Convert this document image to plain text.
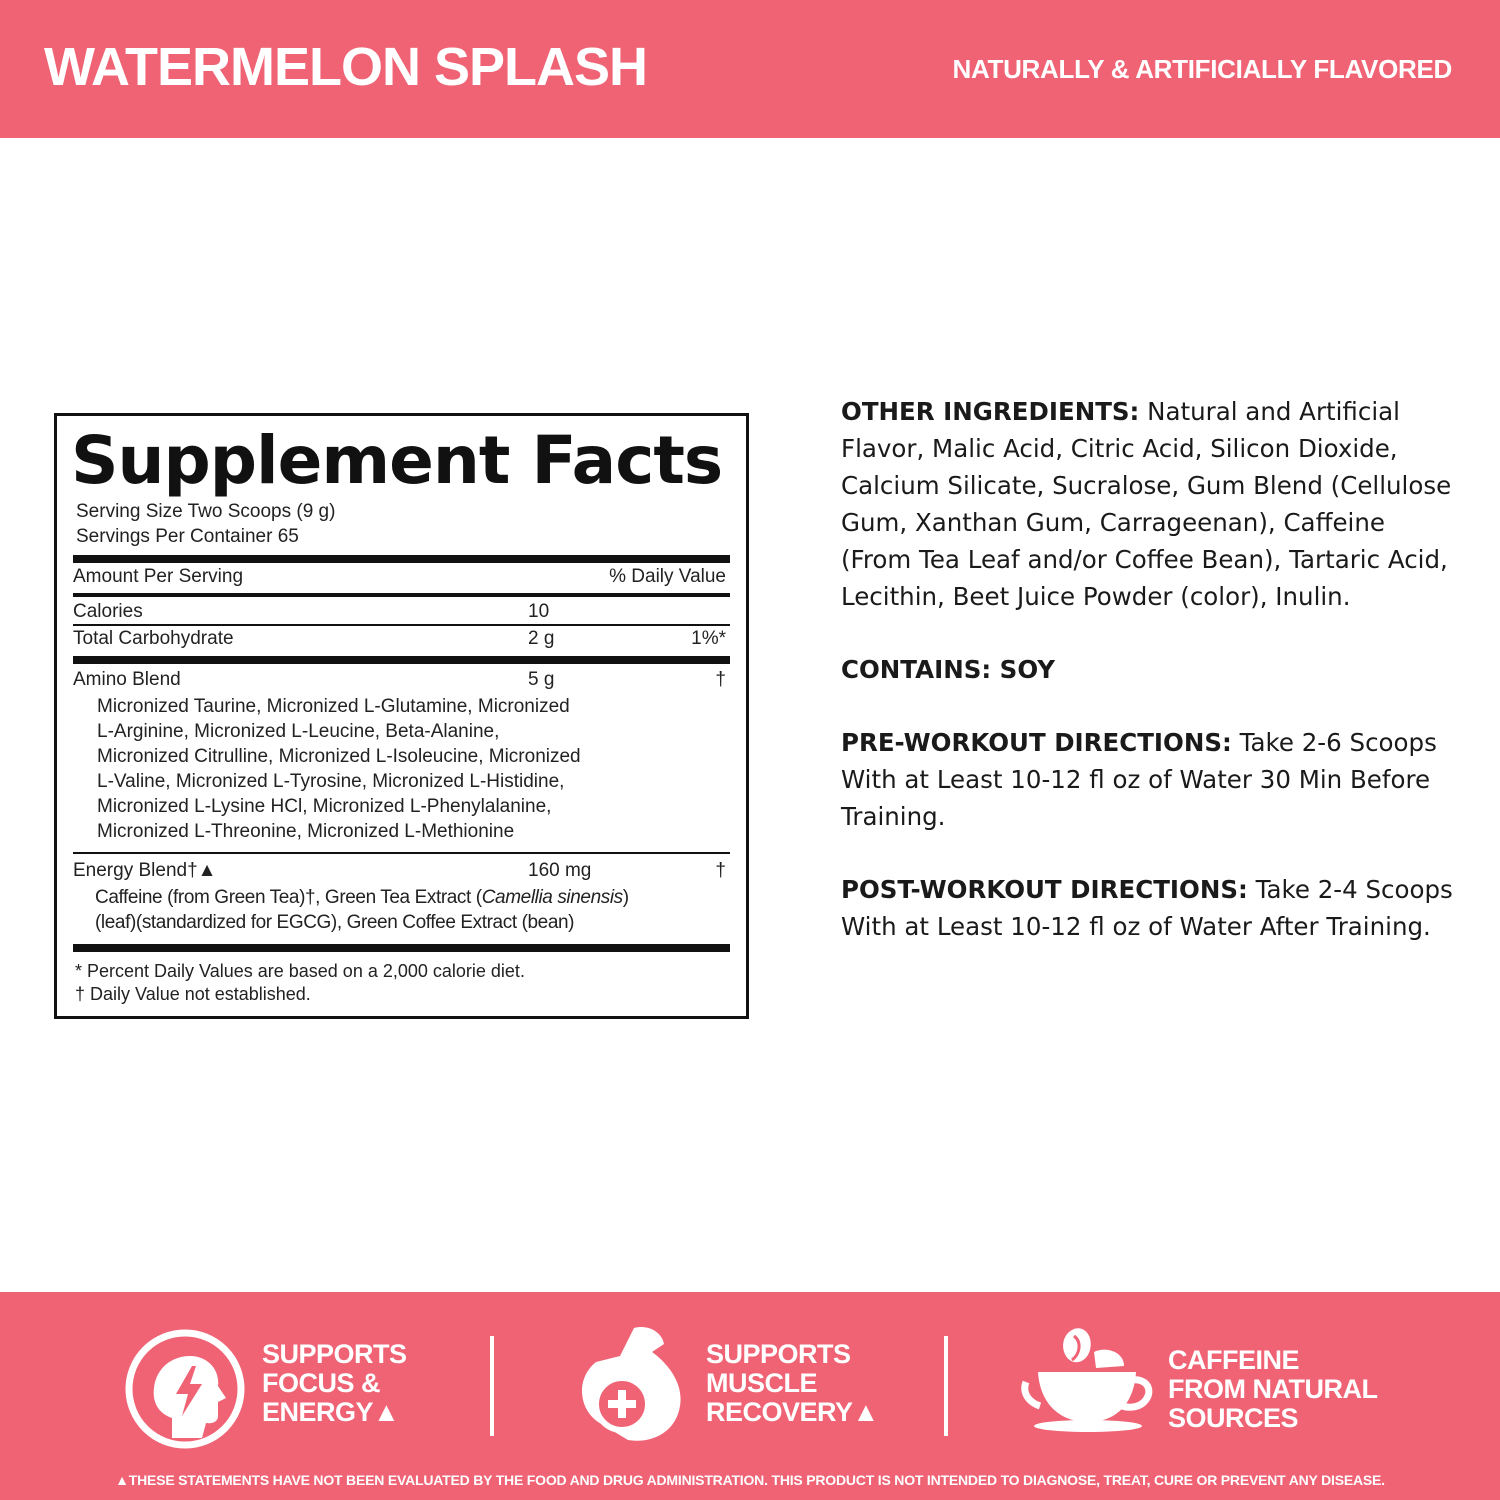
WATERMELON SPLASH	NATURALLY & ARTIFICIALLY FLAVORED
Supplement Facts
Serving Size Two Scoops (9 g)
Servings Per Container 65
Amount Per Serving	% Daily Value
Calories	10
Total Carbohydrate	2 g	1%*
Amino Blend	5 g	†
Micronized Taurine, Micronized L-Glutamine, Micronized
L-Arginine, Micronized L-Leucine, Beta-Alanine,
Micronized Citrulline, Micronized L-Isoleucine, Micronized
L-Valine, Micronized L-Tyrosine, Micronized L-Histidine,
Micronized L-Lysine HCl, Micronized L-Phenylalanine,
Micronized L-Threonine, Micronized L-Methionine
Energy Blend†▲	160 mg	†
Caffeine (from Green Tea)†, Green Tea Extract (Camellia sinensis)
(leaf)(standardized for EGCG), Green Coffee Extract (bean)
* Percent Daily Values are based on a 2,000 calorie diet.
† Daily Value not established.

OTHER INGREDIENTS: Natural and Artificial Flavor, Malic Acid, Citric Acid, Silicon Dioxide, Calcium Silicate, Sucralose, Gum Blend (Cellulose Gum, Xanthan Gum, Carrageenan), Caffeine (From Tea Leaf and/or Coffee Bean), Tartaric Acid, Lecithin, Beet Juice Powder (color), Inulin.

CONTAINS: SOY

PRE-WORKOUT DIRECTIONS: Take 2-6 Scoops With at Least 10-12 fl oz of Water 30 Min Before Training.

POST-WORKOUT DIRECTIONS: Take 2-4 Scoops With at Least 10-12 fl oz of Water After Training.

SUPPORTS
FOCUS &
ENERGY▲
SUPPORTS
MUSCLE
RECOVERY▲
CAFFEINE
FROM NATURAL
SOURCES
▲THESE STATEMENTS HAVE NOT BEEN EVALUATED BY THE FOOD AND DRUG ADMINISTRATION. THIS PRODUCT IS NOT INTENDED TO DIAGNOSE, TREAT, CURE OR PREVENT ANY DISEASE.
